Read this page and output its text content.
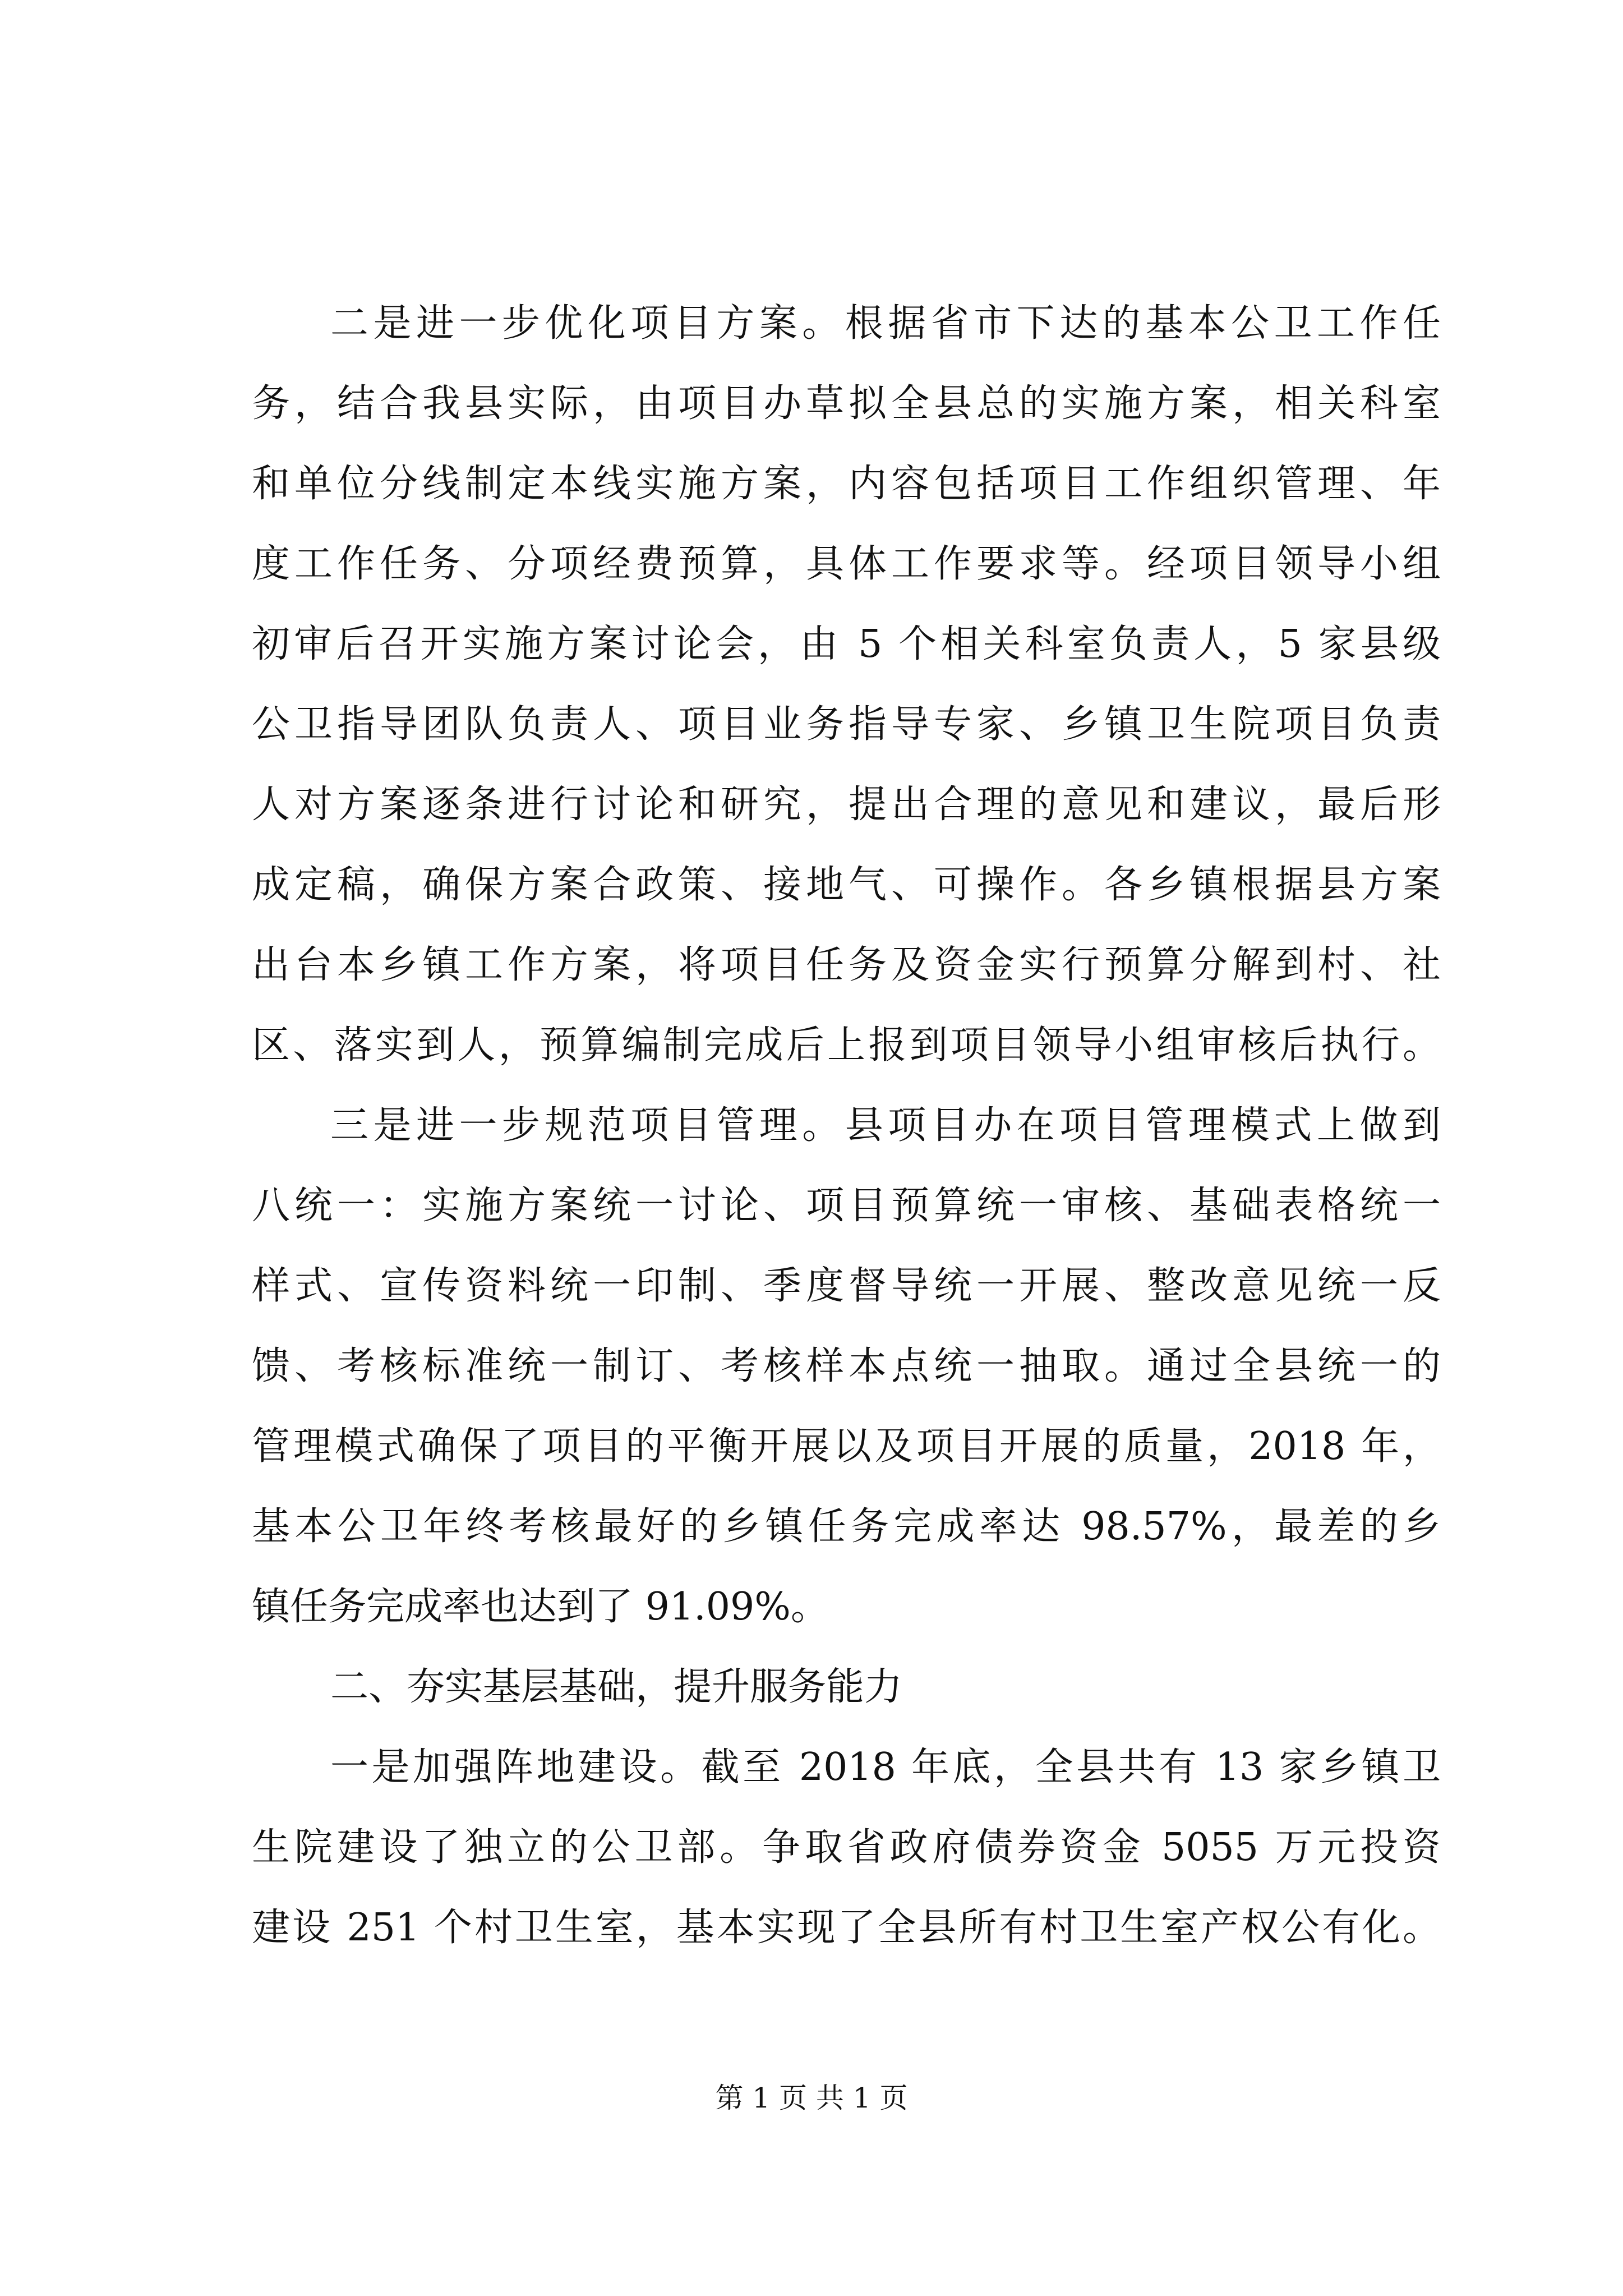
二是进一步优化项目方案。根据省市下达的基本公卫工作任
务，结合我县实际，由项目办草拟全县总的实施方案，相关科室
和单位分线制定本线实施方案，内容包括项目工作组织管理、年
度工作任务、分项经费预算，具体工作要求等。经项目领导小组
初审后召开实施方案讨论会，由 5 个相关科室负责人，5 家县级
公卫指导团队负责人、项目业务指导专家、乡镇卫生院项目负责
人对方案逐条进行讨论和研究，提出合理的意见和建议，最后形
成定稿，确保方案合政策、接地气、可操作。各乡镇根据县方案
出台本乡镇工作方案，将项目任务及资金实行预算分解到村、社
区、落实到人，预算编制完成后上报到项目领导小组审核后执行。
三是进一步规范项目管理。县项目办在项目管理模式上做到
八统一：实施方案统一讨论、项目预算统一审核、基础表格统一
样式、宣传资料统一印制、季度督导统一开展、整改意见统一反
馈、考核标准统一制订、考核样本点统一抽取。通过全县统一的
管理模式确保了项目的平衡开展以及项目开展的质量，2018 年，
基本公卫年终考核最好的乡镇任务完成率达 98.57%，最差的乡
镇任务完成率也达到了 91.09%。
二、夯实基层基础，提升服务能力
一是加强阵地建设。截至 2018 年底，全县共有 13 家乡镇卫
生院建设了独立的公卫部。争取省政府债券资金 5055 万元投资
建设 251 个村卫生室，基本实现了全县所有村卫生室产权公有化。
第 1 页 共 1 页
